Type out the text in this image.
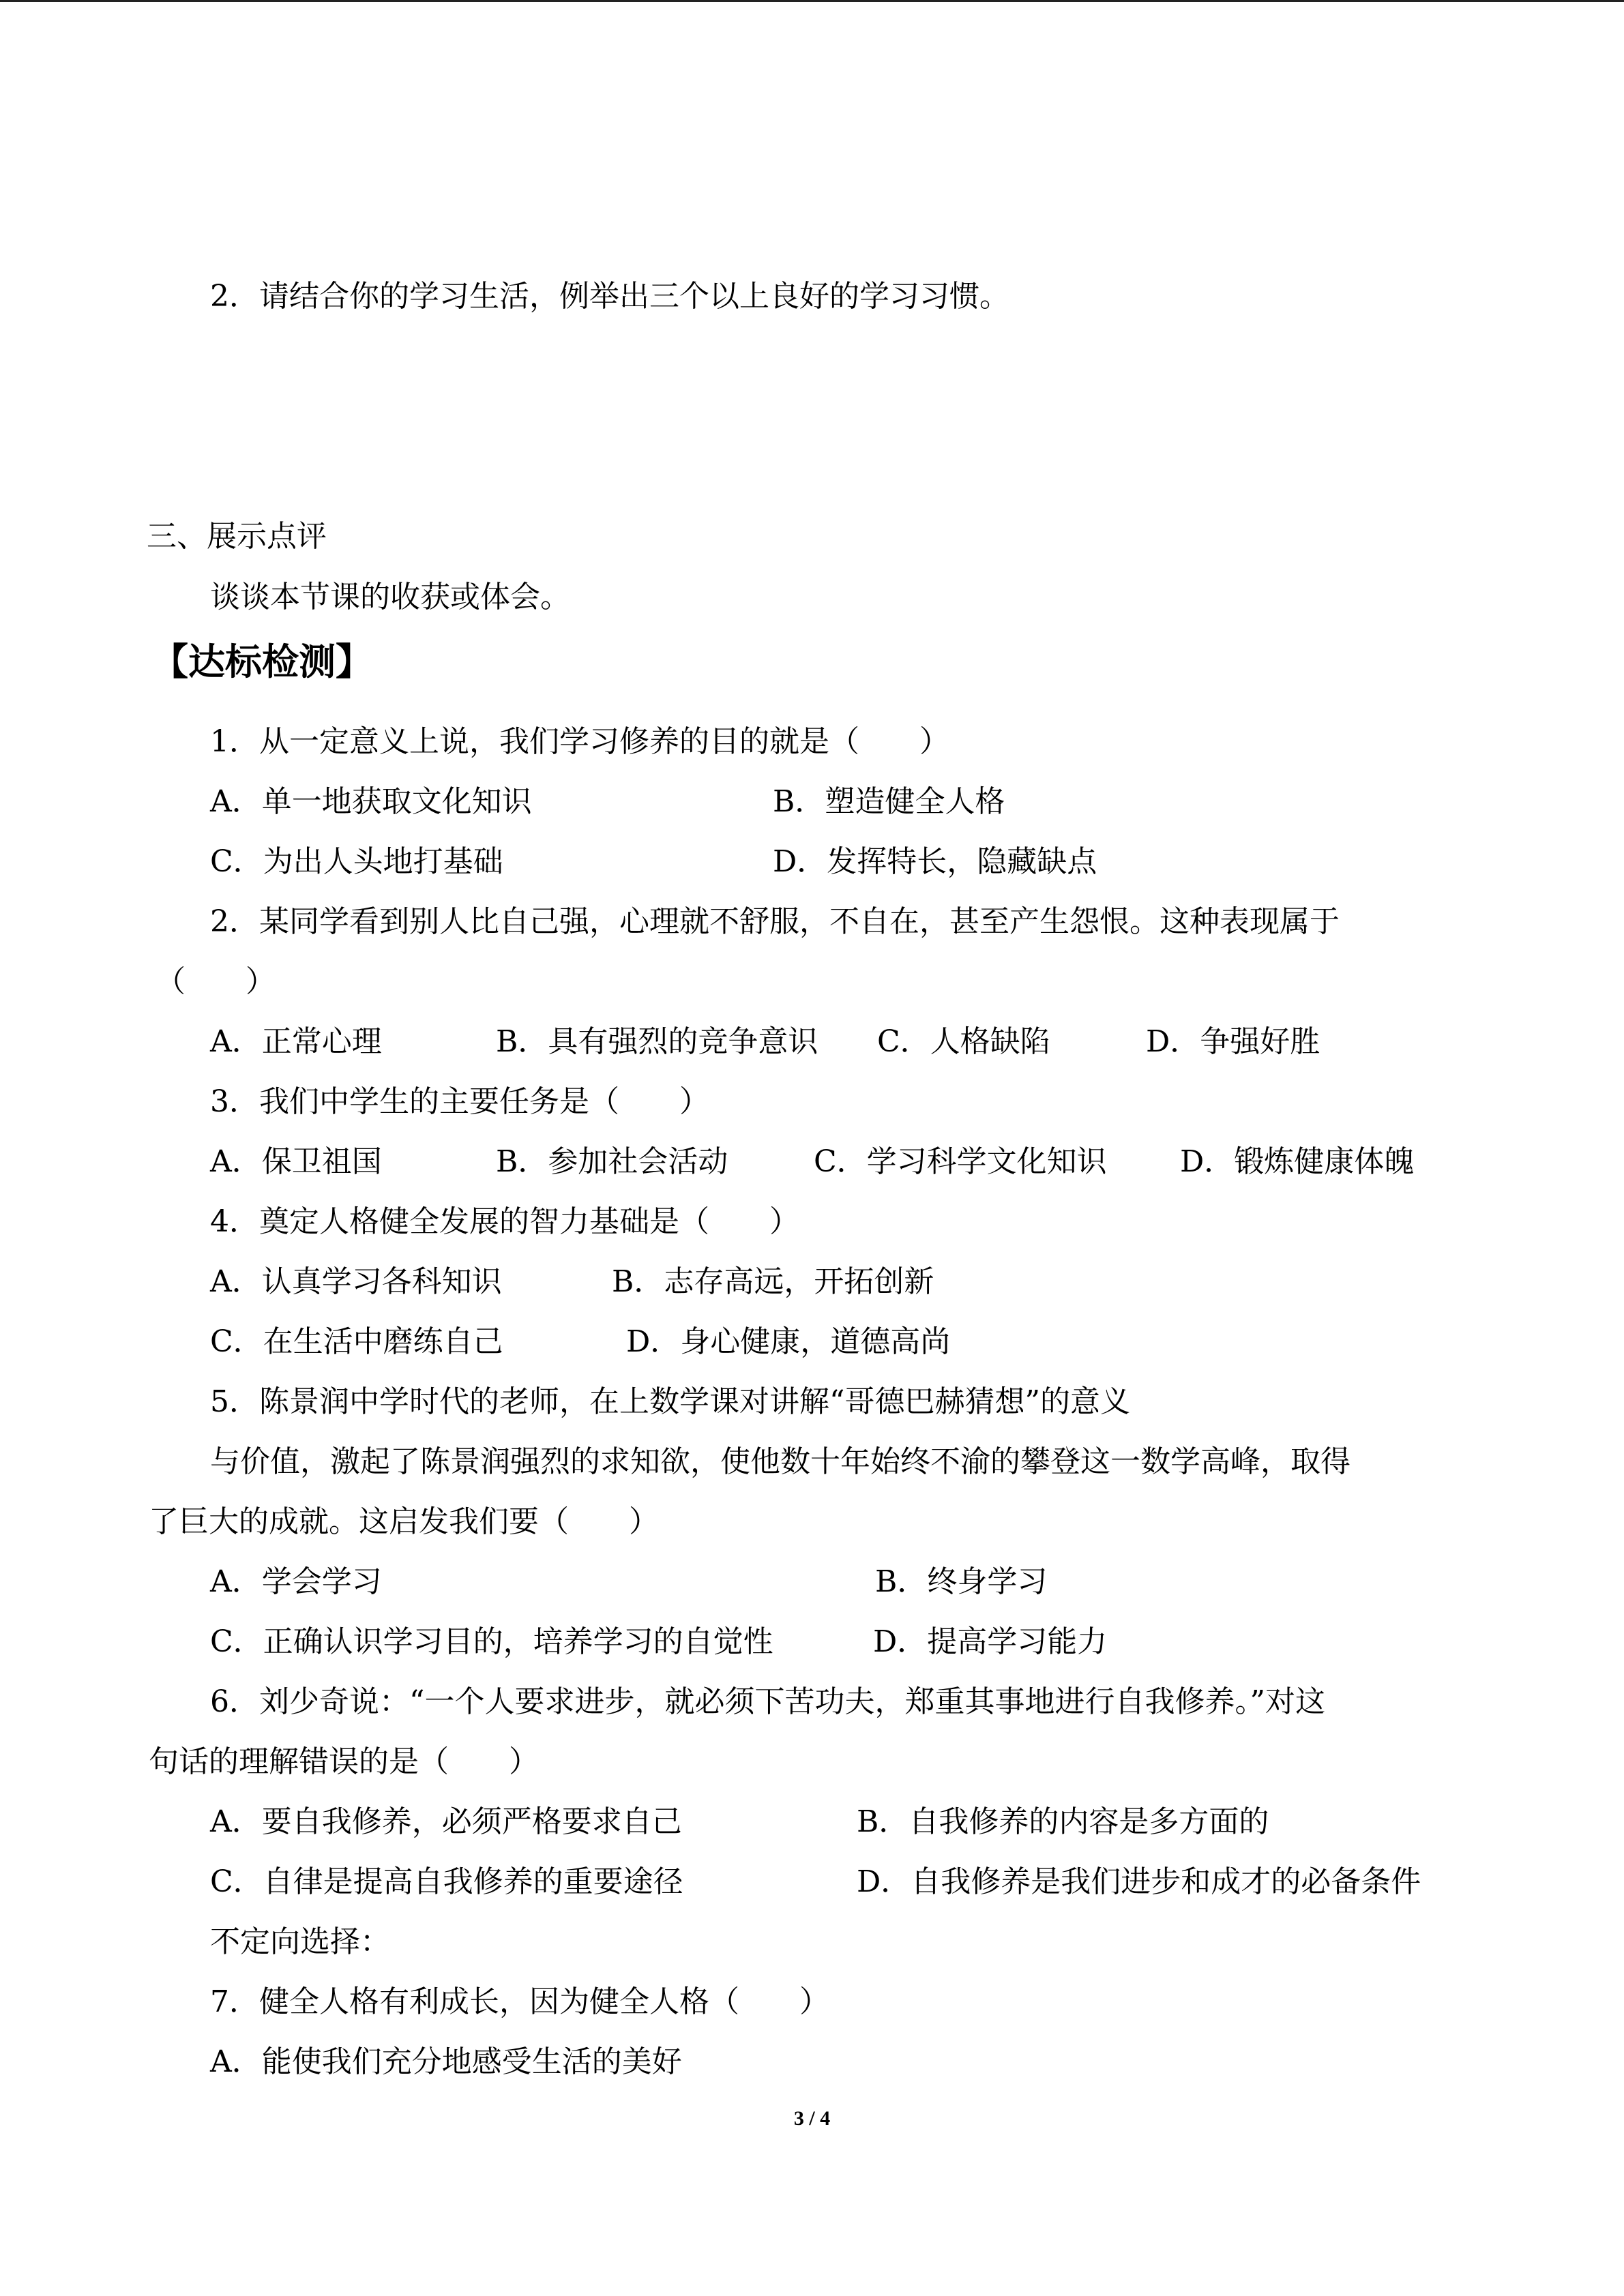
2．请结合你的学习生活，例举出三个以上良好的学习习惯。
三、展示点评
谈谈本节课的收获或体会。
【达标检测】
1．从一定意义上说，我们学习修养的目的就是（　　）
A．单一地获取文化知识	B．塑造健全人格
C．为出人头地打基础	D．发挥特长，隐藏缺点
2．某同学看到别人比自己强，心理就不舒服，不自在，甚至产生怨恨。这种表现属于
（　　）
A．正常心理	B．具有强烈的竞争意识 C．人格缺陷	D．争强好胜
3．我们中学生的主要任务是（　　）
A．保卫祖国	B．参加社会活动	C．学习科学文化知识 D．锻炼健康体魄
4．奠定人格健全发展的智力基础是（　　）
A．认真学习各科知识	B．志存高远，开拓创新
C．在生活中磨练自己	D．身心健康，道德高尚
5．陈景润中学时代的老师，在上数学课对讲解“哥德巴赫猜想”的意义
与价值，激起了陈景润强烈的求知欲，使他数十年始终不渝的攀登这一数学高峰，取得
了巨大的成就。这启发我们要（　　）
A．学会学习	B．终身学习
C．正确认识学习目的，培养学习的自觉性	D．提高学习能力
6．刘少奇说：“一个人要求进步，就必须下苦功夫，郑重其事地进行自我修养。”对这
句话的理解错误的是（　　）
A．要自我修养，必须严格要求自己	B．自我修养的内容是多方面的
C．自律是提高自我修养的重要途径	D．自我修养是我们进步和成才的必备条件
不定向选择：
7．健全人格有利成长，因为健全人格（　　）
A．能使我们充分地感受生活的美好
3 / 4
